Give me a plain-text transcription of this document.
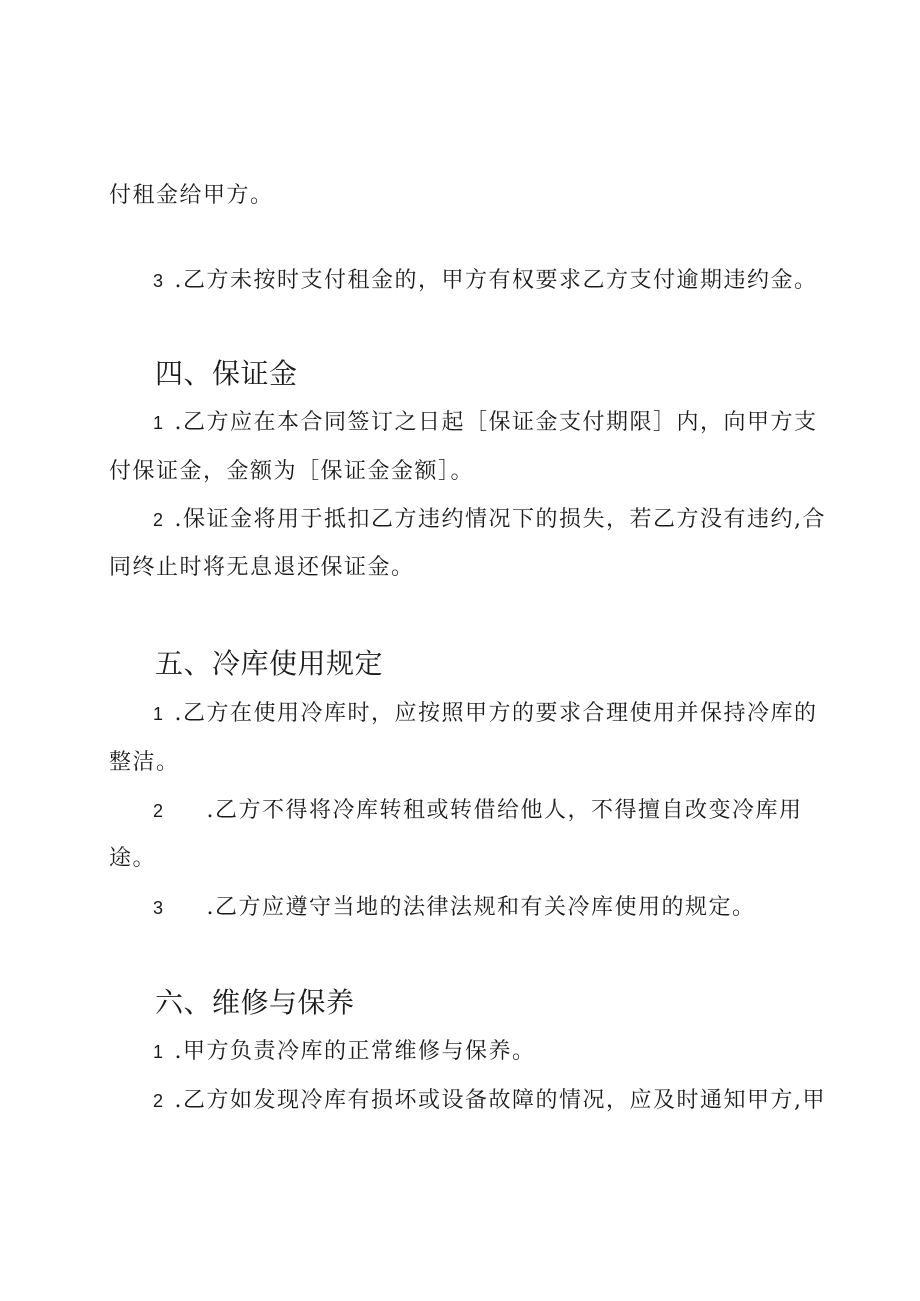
付租金给甲方。
3 .乙方未按时支付租金的，甲方有权要求乙方支付逾期违约金。
四、保证金
1 .乙方应在本合同签订之日起［保证金支付期限］内，向甲方支
付保证金，金额为［保证金金额］。
2 .保证金将用于抵扣乙方违约情况下的损失，若乙方没有违约,合
同终止时将无息退还保证金。
五、冷库使用规定
1 .乙方在使用冷库时，应按照甲方的要求合理使用并保持冷库的
整洁。
2 .乙方不得将冷库转租或转借给他人，不得擅自改变冷库用
途。
3 .乙方应遵守当地的法律法规和有关冷库使用的规定。
六、维修与保养
1 .甲方负责冷库的正常维修与保养。
2 .乙方如发现冷库有损坏或设备故障的情况，应及时通知甲方,甲
